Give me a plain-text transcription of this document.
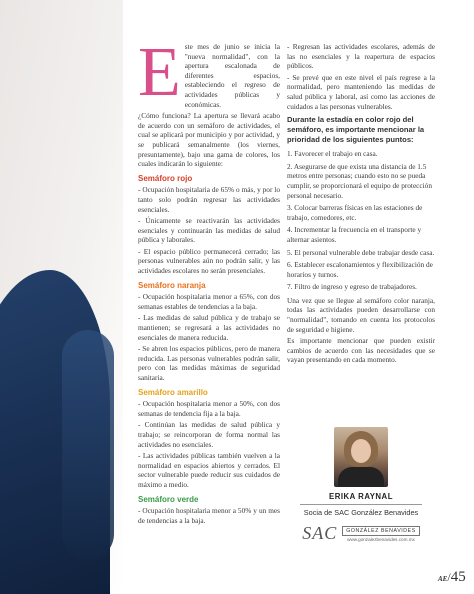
E ste mes de junio se inicia la "nueva normalidad", con la apertura escalonada de diferentes espacios, estableciendo el regreso de actividades públicas y económicas.

¿Cómo funciona? La apertura se llevará acabo de acuerdo con un semáforo de actividades, el cual se aplicará por municipio y por actividad, y se publicará semanalmente (los viernes, presuntamente), bajo una gama de colores, los cuales indicarán lo siguiente:

Semáforo rojo

- Ocupación hospitalaria de 65% o más, y por lo tanto solo podrán regresar las actividades esenciales.

- Únicamente se reactivarán las actividades esenciales y continuarán las medidas de salud pública y laborales.

- El espacio público permanecerá cerrado; las personas vulnerables aún no podrán salir, y las actividades escolares no serán presenciales.

Semáforo naranja

- Ocupación hospitalaria menor a 65%, con dos semanas estables de tendencias a la baja.

- Las medidas de salud pública y de trabajo se mantienen; se regresará a las actividades no esenciales de manera reducida.

- Se abren los espacios públicos, pero de manera reducida. Las personas vulnerables podrán salir, pero con las medidas máximas de seguridad sanitaria.

Semáforo amarillo

- Ocupación hospitalaria menor a 50%, con dos semanas de tendencia fija a la baja.

- Continúan las medidas de salud pública y trabajo; se reincorporan de forma normal las actividades no esenciales.

- Las actividades públicas también vuelven a la normalidad en espacios abiertos y cerrados. El sector vulnerable puede reducir sus cuidados de máximo a medio.

Semáforo verde

- Ocupación hospitalaria menor a 50% y un mes de tendencias a la baja.

- Regresan las actividades escolares, además de las no esenciales y la reapertura de espacios públicos.

- Se prevé que en este nivel el país regrese a la normalidad, pero manteniendo las medidas de salud pública y laboral, así como las acciones de cuidados a las personas vulnerables.

Durante la estadía en color rojo del semáforo, es importante mencionar la prioridad de los siguientes puntos:

1. Favorecer el trabajo en casa.

2. Asegurarse de que exista una distancia de 1.5 metros entre personas; cuando esto no se pueda cumplir, se proporcionará el equipo de protección personal necesario.

3. Colocar barreras físicas en las estaciones de trabajo, comedores, etc.

4. Incrementar la frecuencia en el transporte y alternar asientos.

5. El personal vulnerable debe trabajar desde casa.

6. Establecer escalonamientos y flexibilización de horarios y turnos.

7. Filtro de ingreso y egreso de trabajadores.

Una vez que se llegue al semáforo color naranja, todas las actividades pueden desarrollarse con "normalidad", tomando en cuenta los protocolos de seguridad e higiene.

Es importante mencionar que pueden existir cambios de acuerdo con las necesidades que se vayan presentando en cada momento.

ERIKA RAYNAL
Socia de SAC González Benavides
SAC	GONZÁLEZ BENAVIDES
www.gonzalezbenavides.com.mx
AE/45
